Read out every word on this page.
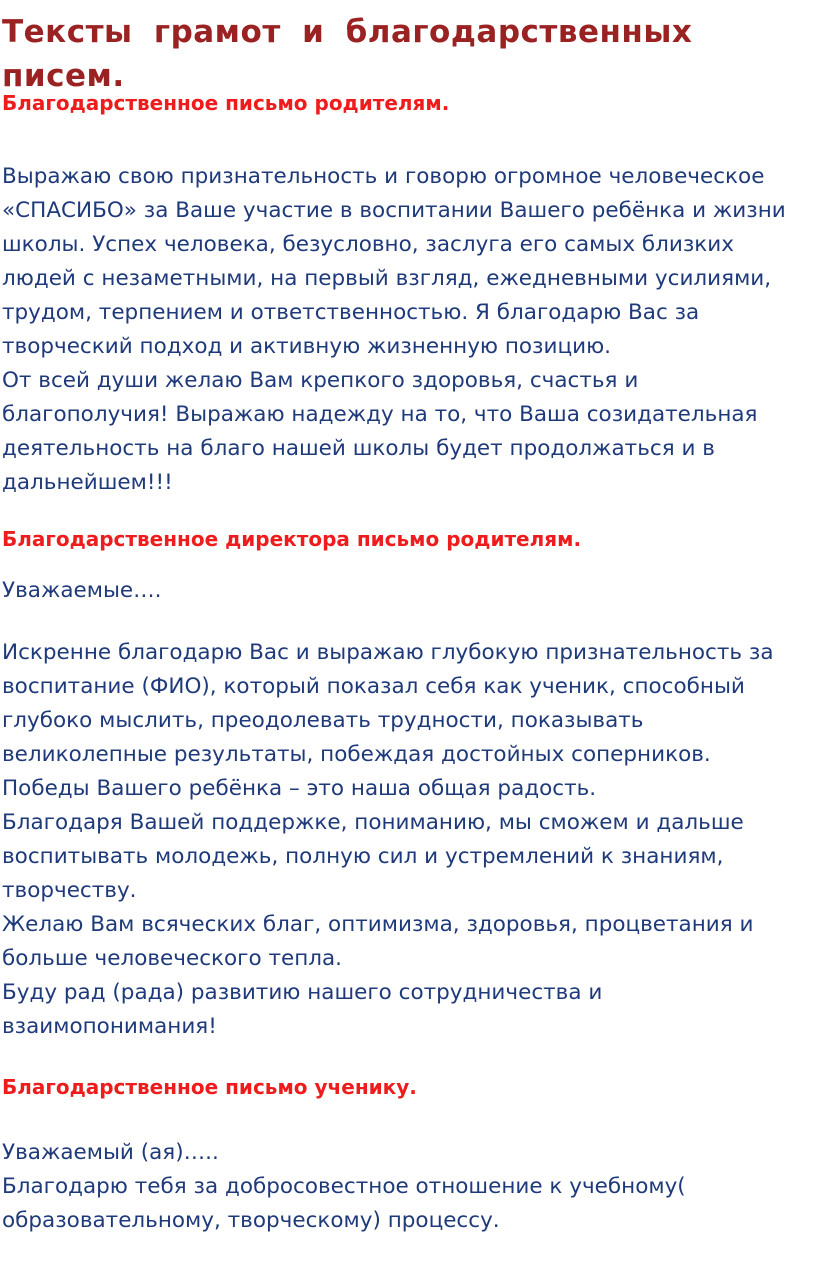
Тексты грамот и благодарственных писем.

Благодарственное письмо родителям.

Выражаю свою признательность и говорю огромное человеческое

«СПАСИБО» за Ваше участие в воспитании Вашего ребёнка и жизни

школы. Успех человека, безусловно, заслуга его самых близких

людей с незаметными, на первый взгляд, ежедневными усилиями,

трудом, терпением и ответственностью. Я благодарю Вас за

творческий подход и активную жизненную позицию.

От всей души желаю Вам крепкого здоровья, счастья и

благополучия! Выражаю надежду на то, что Ваша созидательная

деятельность на благо нашей школы будет продолжаться и в

дальнейшем!!!

Благодарственное директора письмо родителям.

Уважаемые….

Искренне благодарю Вас и выражаю глубокую признательность за

воспитание (ФИО), который показал себя как ученик, способный

глубоко мыслить, преодолевать трудности, показывать

великолепные результаты, побеждая достойных соперников.

Победы Вашего ребёнка – это наша общая радость.

Благодаря Вашей поддержке, пониманию, мы сможем и дальше

воспитывать молодежь, полную сил и устремлений к знаниям,

творчеству.

Желаю Вам всяческих благ, оптимизма, здоровья, процветания и

больше человеческого тепла.

Буду рад (рада) развитию нашего сотрудничества и

взаимопонимания!

Благодарственное письмо ученику.

Уважаемый (ая)…..

Благодарю тебя за добросовестное отношение к учебному(

образовательному, творческому) процессу.
